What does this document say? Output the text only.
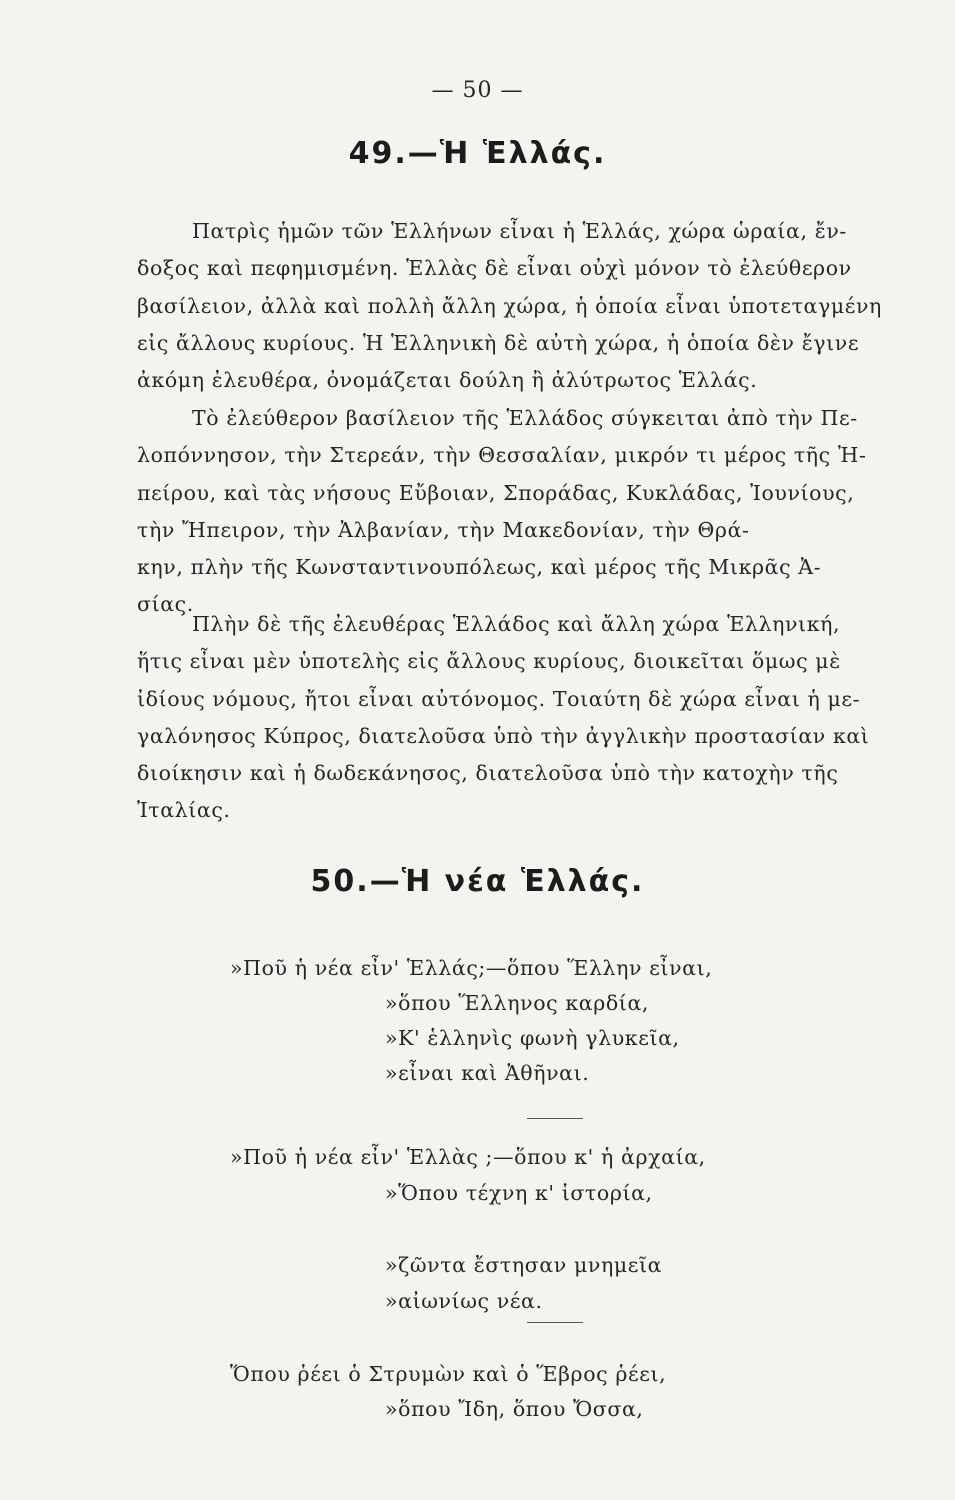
— 50 —
49.—Ἡ Ἑλλάς.

Πατρὶς ἡμῶν τῶν Ἑλλήνων εἶναι ἡ Ἑλλάς, χώρα ὡραία, ἔν-

δοξος καὶ πεφημισμένη. Ἑλλὰς δὲ εἶναι οὐχὶ μόνον τὸ ἐλεύθερον

βασίλειον, ἀλλὰ καὶ πολλὴ ἄλλη χώρα, ἡ ὁποία εἶναι ὑποτεταγμένη

εἰς ἄλλους κυρίους. Ἡ Ἑλληνικὴ δὲ αὐτὴ χώρα, ἡ ὁποία δὲν ἔγινε

ἀκόμη ἐλευθέρα, ὀνομάζεται δούλη ἢ ἀλύτρωτος Ἑλλάς.

Τὸ ἐλεύθερον βασίλειον τῆς Ἑλλάδος σύγκειται ἀπὸ τὴν Πε-

λοπόννησον, τὴν Στερεάν, τὴν Θεσσαλίαν, μικρόν τι μέρος τῆς Ἠ-

πείρου, καὶ τὰς νήσους Εὔβοιαν, Σποράδας, Κυκλάδας, Ἰουνίους,

τὴν Ἤπειρον, τὴν Ἀλβανίαν, τὴν Μακεδονίαν, τὴν Θρά-

κην, πλὴν τῆς Κωνσταντινουπόλεως, καὶ μέρος τῆς Μικρᾶς Ἀ-

σίας.

Πλὴν δὲ τῆς ἐλευθέρας Ἑλλάδος καὶ ἄλλη χώρα Ἑλληνική,

ἥτις εἶναι μὲν ὑποτελὴς εἰς ἄλλους κυρίους, διοικεῖται ὅμως μὲ

ἰδίους νόμους, ἤτοι εἶναι αὐτόνομος. Τοιαύτη δὲ χώρα εἶναι ἡ με-

γαλόνησος Κύπρος, διατελοῦσα ὑπὸ τὴν ἀγγλικὴν προστασίαν καὶ

διοίκησιν καὶ ἡ δωδεκάνησος, διατελοῦσα ὑπὸ τὴν κατοχὴν τῆς

Ἰταλίας.

50.—Ἡ νέα Ἑλλάς.

»Ποῦ ἡ νέα εἶν' Ἑλλάς;—ὅπου Ἕλλην εἶναι,

»ὅπου Ἕλληνος καρδία,

»Κ' ἑλληνὶς φωνὴ γλυκεῖα,

»εἶναι καὶ Ἀθῆναι.

»Ποῦ ἡ νέα εἶν' Ἑλλὰς ;—ὅπου κ' ἡ ἀρχαία,

»Ὅπου τέχνη κ' ἱστορία,

»ζῶντα ἔστησαν μνημεῖα

»αἰωνίως νέα.

Ὅπου ῥέει ὁ Στρυμὼν καὶ ὁ Ἕβρος ῥέει,

»ὅπου Ἴδη, ὅπου Ὄσσα,
